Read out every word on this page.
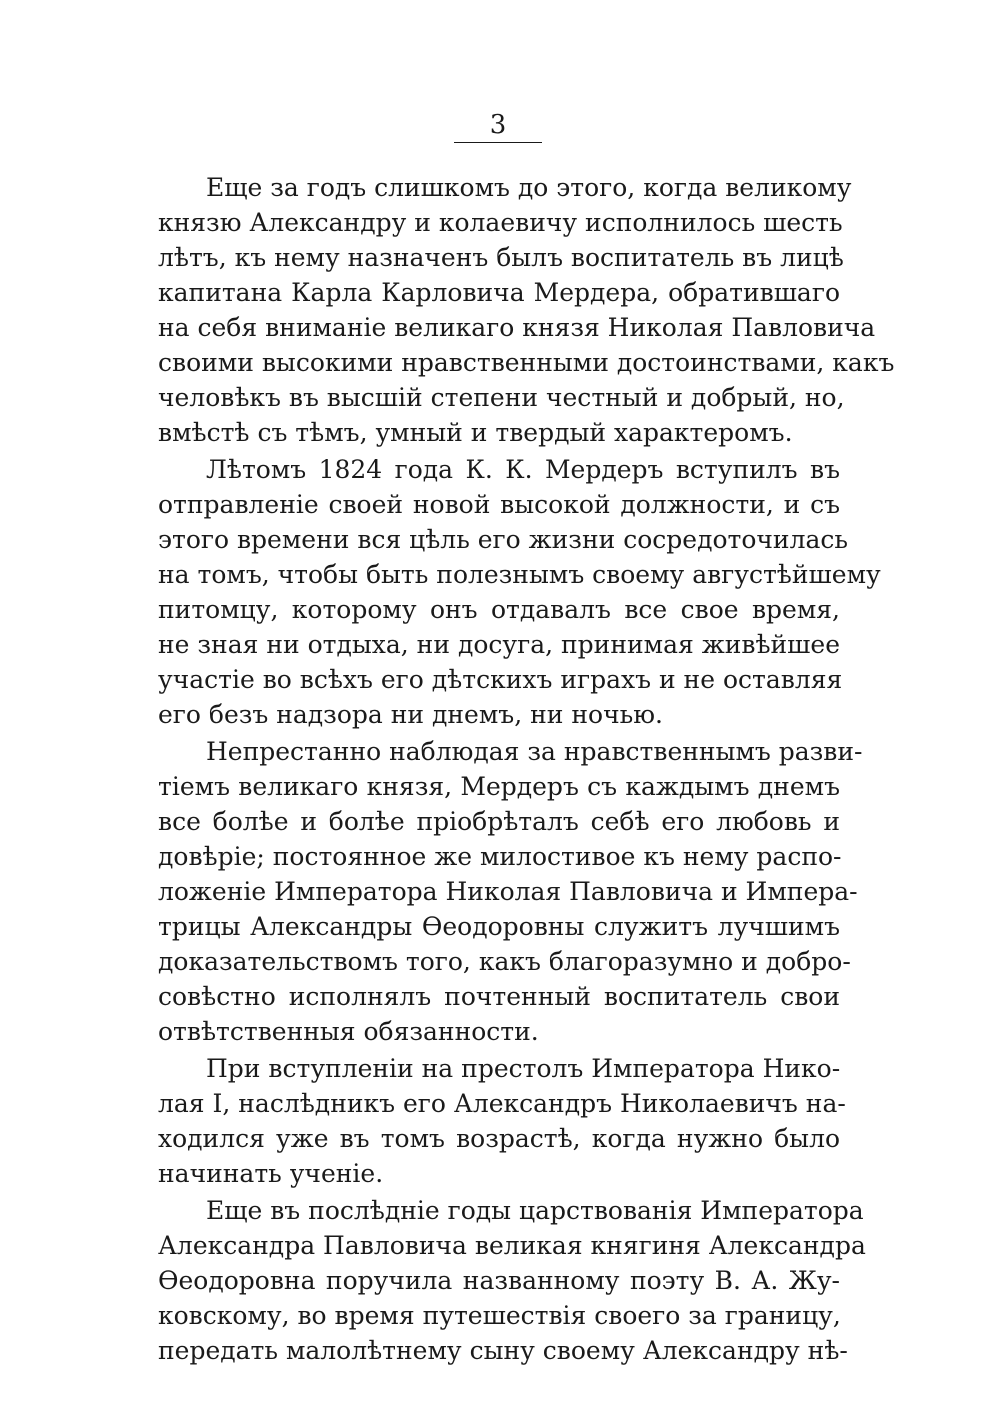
3

Еще за годъ слишкомъ до этого, когда великому
князю Александру и колаевичу исполнилось шесть
лѣтъ, къ нему назначенъ былъ воспитатель въ лицѣ
капитана Карла Карловича Мердера, обратившаго
на себя вниманіе великаго князя Николая Павловича
своими высокими нравственными достоинствами, какъ
человѣкъ въ высшій степени честный и добрый, но,
вмѣстѣ съ тѣмъ, умный и твердый характеромъ.

Лѣтомъ 1824 года К. К. Мердеръ вступилъ въ
отправленіе своей новой высокой должности, и съ
этого времени вся цѣль его жизни сосредоточилась
на томъ, чтобы быть полезнымъ своему августѣйшему
питомцу, которому онъ отдавалъ все свое время,
не зная ни отдыха, ни досуга, принимая живѣйшее
участіе во всѣхъ его дѣтскихъ играхъ и не оставляя
его безъ надзора ни днемъ, ни ночью.

Непрестанно наблюдая за нравственнымъ разви-
тіемъ великаго князя, Мердеръ съ каждымъ днемъ
все болѣе и болѣе пріобрѣталъ себѣ его любовь и
довѣріе; постоянное же милостивое къ нему распо-
ложеніе Императора Николая Павловича и Импера-
трицы Александры Ѳеодоровны служитъ лучшимъ
доказательствомъ того, какъ благоразумно и добро-
совѣстно исполнялъ почтенный воспитатель свои
отвѣтственныя обязанности.

При вступленіи на престолъ Императора Нико-
лая І, наслѣдникъ его Александръ Николаевичъ на-
ходился уже въ томъ возрастѣ, когда нужно было
начинать ученіе.

Еще въ послѣдніе годы царствованія Императора
Александра Павловича великая княгиня Александра
Ѳеодоровна поручила названному поэту В. А. Жу-
ковскому, во время путешествія своего за границу,
передать малолѣтнему сыну своему Александру нѣ-
